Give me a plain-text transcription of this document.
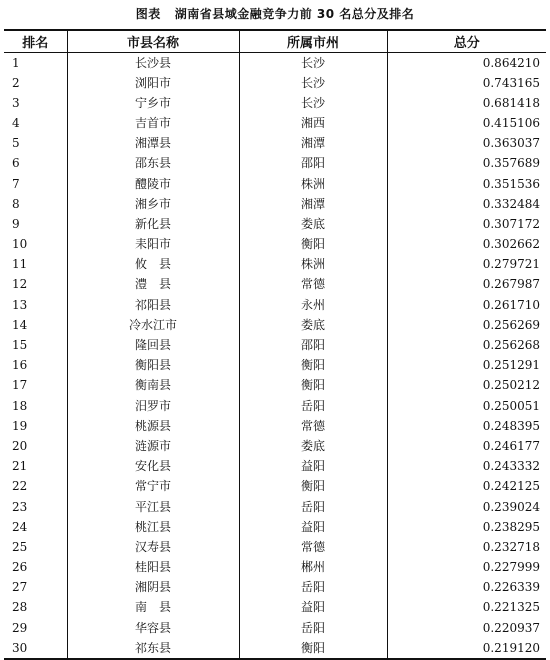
图表 湖南省县域金融竞争力前 30 名总分及排名
排名	市县名称	所属市州	总分
1	长沙县	长沙	0.864210
2	浏阳市	长沙	0.743165
3	宁乡市	长沙	0.681418
4	吉首市	湘西	0.415106
5	湘潭县	湘潭	0.363037
6	邵东县	邵阳	0.357689
7	醴陵市	株洲	0.351536
8	湘乡市	湘潭	0.332484
9	新化县	娄底	0.307172
10	耒阳市	衡阳	0.302662
11	攸　县	株洲	0.279721
12	澧　县	常德	0.267987
13	祁阳县	永州	0.261710
14	冷水江市	娄底	0.256269
15	隆回县	邵阳	0.256268
16	衡阳县	衡阳	0.251291
17	衡南县	衡阳	0.250212
18	汨罗市	岳阳	0.250051
19	桃源县	常德	0.248395
20	涟源市	娄底	0.246177
21	安化县	益阳	0.243332
22	常宁市	衡阳	0.242125
23	平江县	岳阳	0.239024
24	桃江县	益阳	0.238295
25	汉寿县	常德	0.232718
26	桂阳县	郴州	0.227999
27	湘阴县	岳阳	0.226339
28	南　县	益阳	0.221325
29	华容县	岳阳	0.220937
30	祁东县	衡阳	0.219120
